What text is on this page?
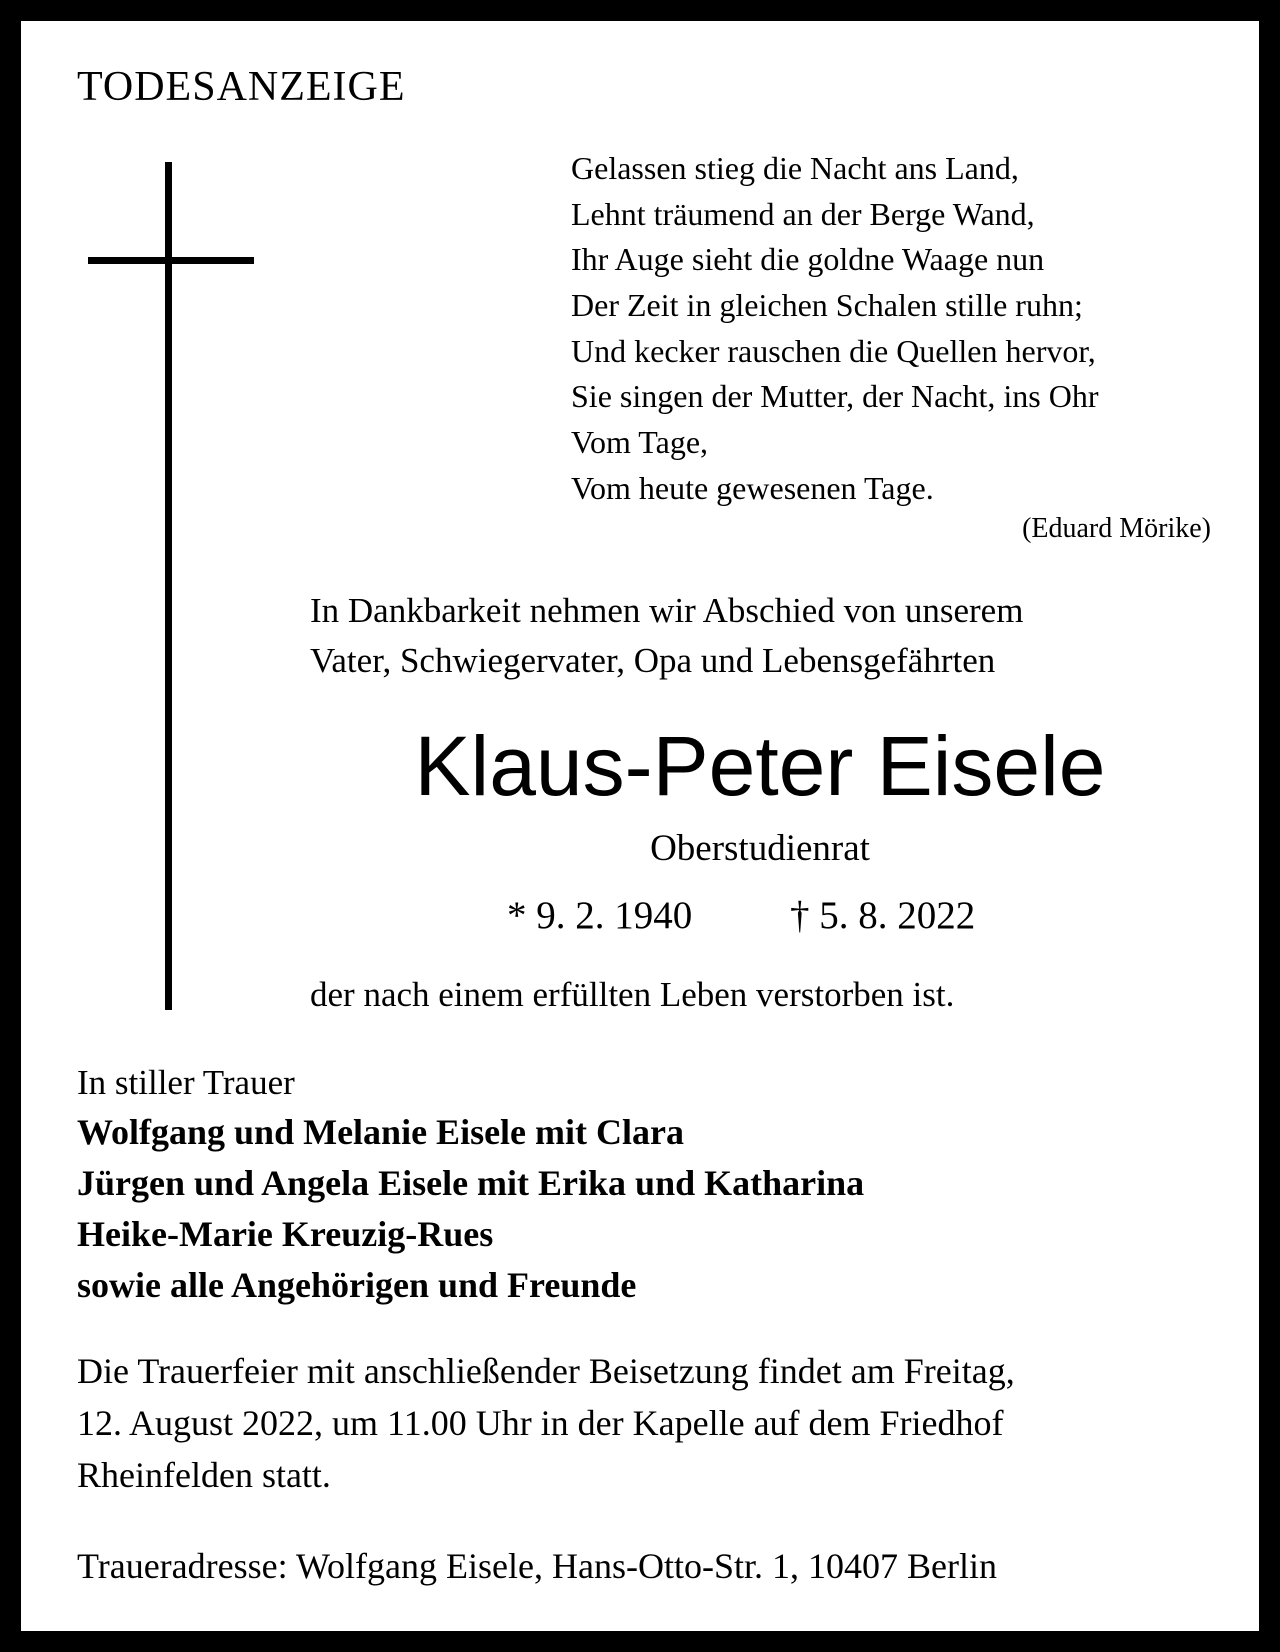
TODESANZEIGE
Gelassen stieg die Nacht ans Land,
Lehnt träumend an der Berge Wand,
Ihr Auge sieht die goldne Waage nun
Der Zeit in gleichen Schalen stille ruhn;
Und kecker rauschen die Quellen hervor,
Sie singen der Mutter, der Nacht, ins Ohr
Vom Tage,
Vom heute gewesenen Tage.
(Eduard Mörike)
In Dankbarkeit nehmen wir Abschied von unserem
Vater, Schwiegervater, Opa und Lebensgefährten
Klaus-Peter Eisele
Oberstudienrat
* 9. 2. 1940	† 5. 8. 2022
der nach einem erfüllten Leben verstorben ist.
In stiller Trauer
Wolfgang und Melanie Eisele mit Clara
Jürgen und Angela Eisele mit Erika und Katharina
Heike-Marie Kreuzig-Rues
sowie alle Angehörigen und Freunde
Die Trauerfeier mit anschließender Beisetzung findet am Freitag,
12. August 2022, um 11.00 Uhr in der Kapelle auf dem Friedhof
Rheinfelden statt.
Traueradresse: Wolfgang Eisele, Hans-Otto-Str. 1, 10407 Berlin
